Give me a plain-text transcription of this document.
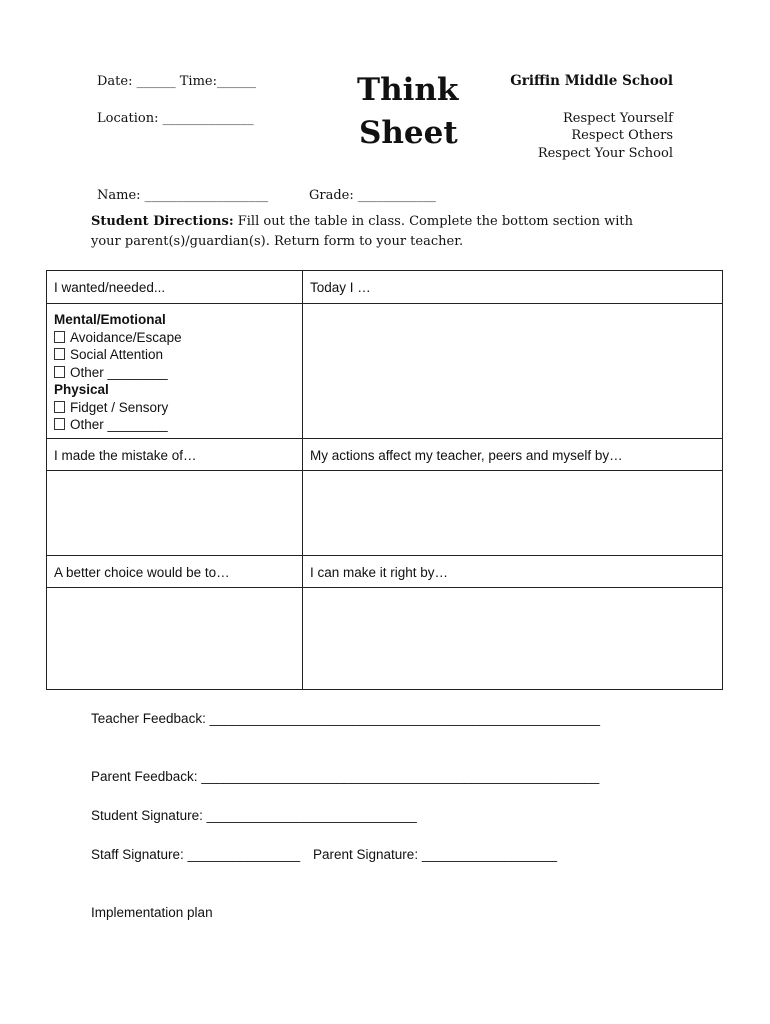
Date: ______ Time:______
Location: ______________
Think
Sheet
Griffin Middle School
Respect Yourself
Respect Others
Respect Your School
Name: ___________________	Grade: ____________
Student Directions: Fill out the table in class. Complete the bottom section with your parent(s)/guardian(s). Return form to your teacher.
I wanted/needed...	Today I …
Mental/Emotional
Avoidance/Escape
Social Attention
Other ________
Physical
Fidget / Sensory
Other ________
I made the mistake of…	My actions affect my teacher, peers and myself by…
A better choice would be to…	I can make it right by…
Teacher Feedback: ____________________________________________________
Parent Feedback: _____________________________________________________
Student Signature: ____________________________
Staff Signature: _______________ Parent Signature: __________________
Implementation plan
